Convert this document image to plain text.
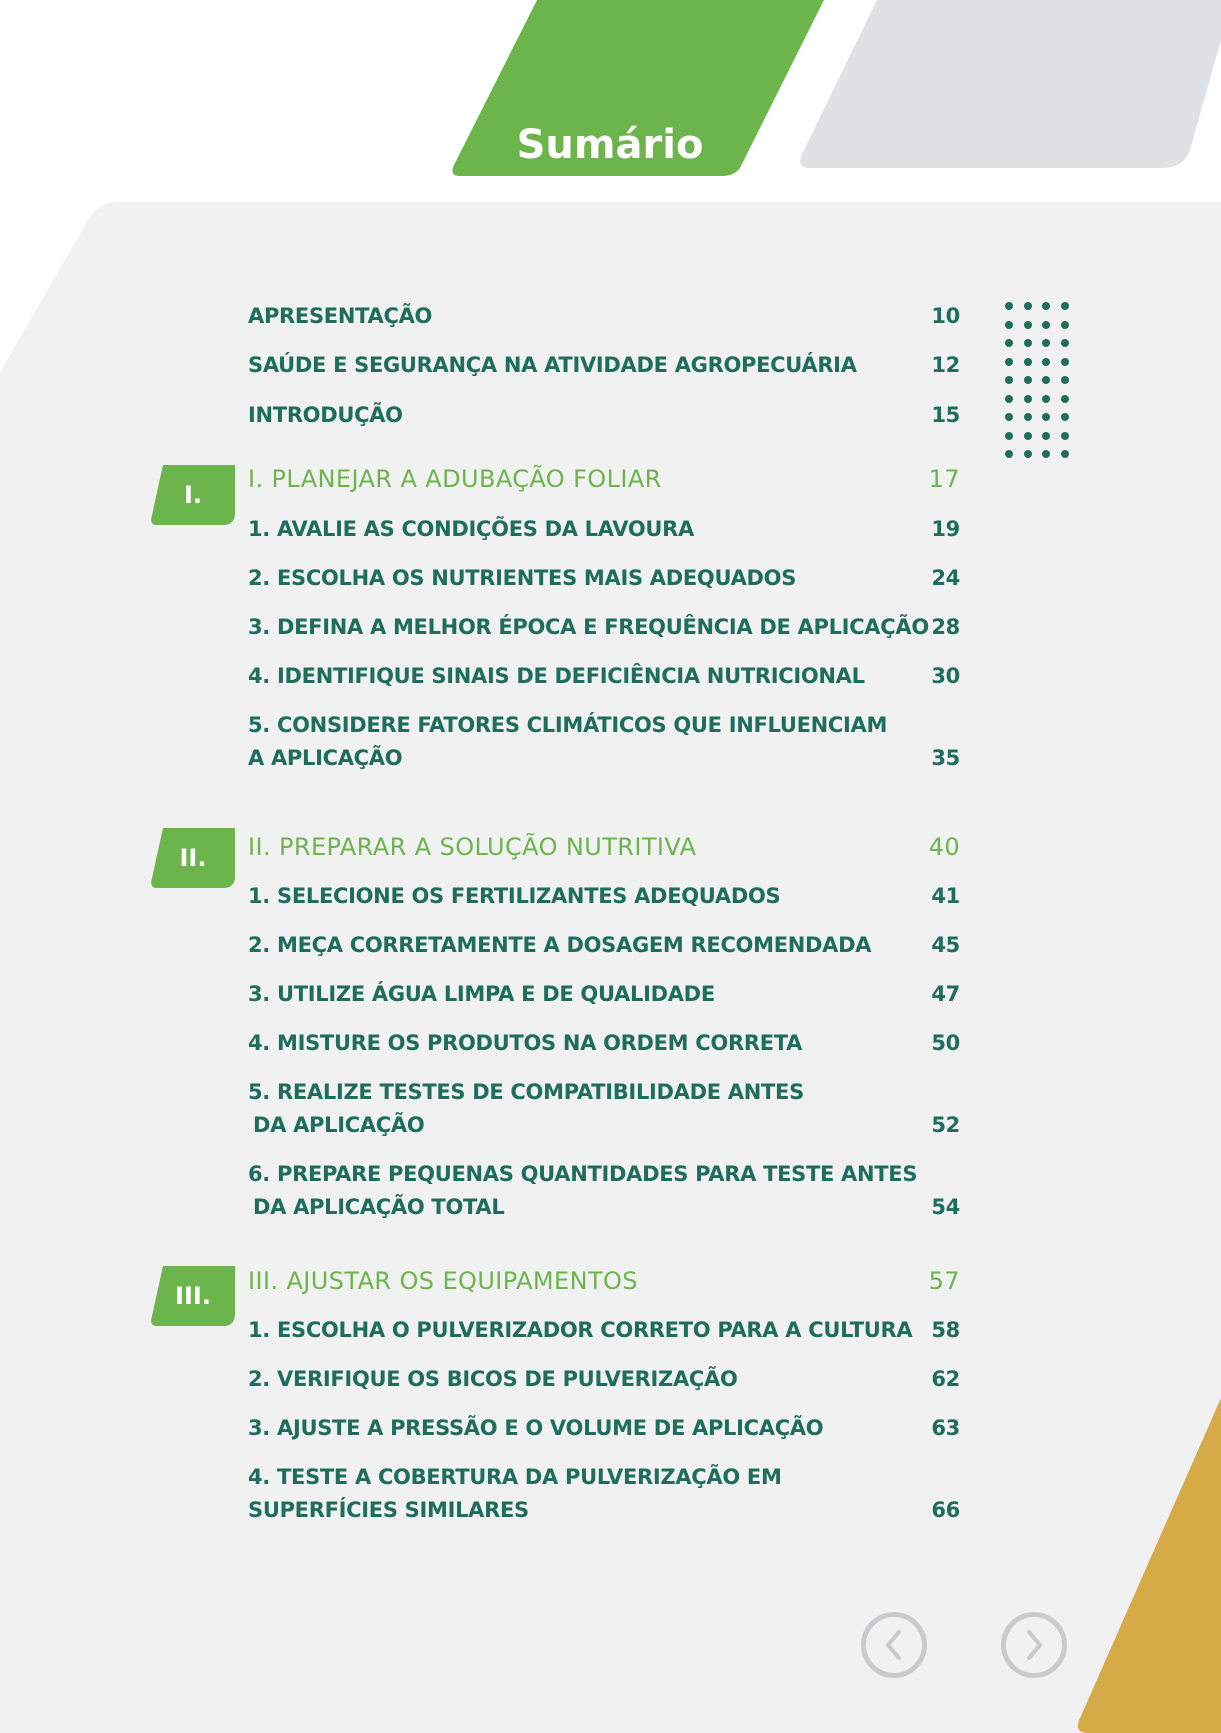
Sumário
APRESENTAÇÃO	10
SAÚDE E SEGURANÇA NA ATIVIDADE AGROPECUÁRIA	12
INTRODUÇÃO	15
I.
I. PLANEJAR A ADUBAÇÃO FOLIAR	17
1. AVALIE AS CONDIÇÕES DA LAVOURA	19
2. ESCOLHA OS NUTRIENTES MAIS ADEQUADOS	24
3. DEFINA A MELHOR ÉPOCA E FREQUÊNCIA DE APLICAÇÃO 28
4. IDENTIFIQUE SINAIS DE DEFICIÊNCIA NUTRICIONAL	30
5. CONSIDERE FATORES CLIMÁTICOS QUE INFLUENCIAM
A APLICAÇÃO	35
II. II. PREPARAR A SOLUÇÃO NUTRITIVA	40
1. SELECIONE OS FERTILIZANTES ADEQUADOS	41
2. MEÇA CORRETAMENTE A DOSAGEM RECOMENDADA	45
3. UTILIZE ÁGUA LIMPA E DE QUALIDADE	47
4. MISTURE OS PRODUTOS NA ORDEM CORRETA	50
5. REALIZE TESTES DE COMPATIBILIDADE ANTES
DA APLICAÇÃO	52
6. PREPARE PEQUENAS QUANTIDADES PARA TESTE ANTES
DA APLICAÇÃO TOTAL	54
III.
III. AJUSTAR OS EQUIPAMENTOS	57
1. ESCOLHA O PULVERIZADOR CORRETO PARA A CULTURA 58
2. VERIFIQUE OS BICOS DE PULVERIZAÇÃO	62
3. AJUSTE A PRESSÃO E O VOLUME DE APLICAÇÃO	63
4. TESTE A COBERTURA DA PULVERIZAÇÃO EM
SUPERFÍCIES SIMILARES	66
